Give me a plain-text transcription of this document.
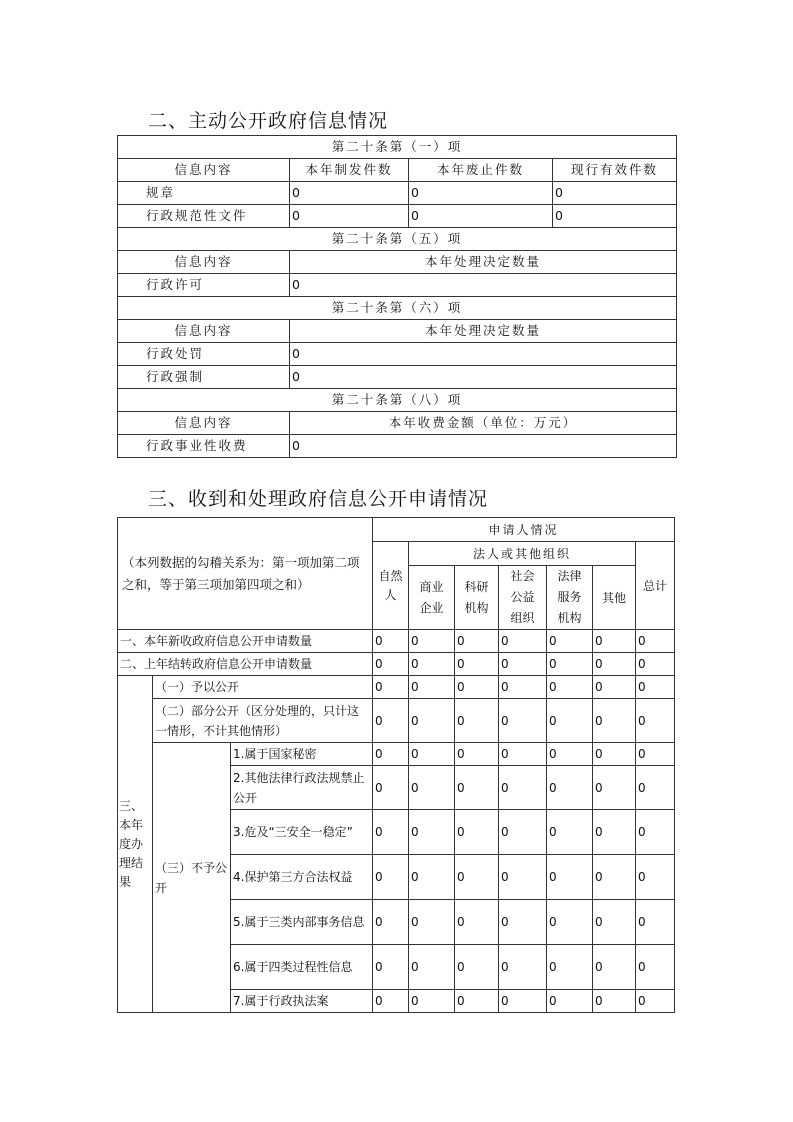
二、主动公开政府信息情况
第二十条第（一）项			
信息内容	本年制发件数	本年废止件数	现行有效件数
规章	0	0	0
行政规范性文件	0	0	0
第二十条第（五）项			
信息内容	本年处理决定数量		
行政许可	0		
第二十条第（六）项			
信息内容	本年处理决定数量		
行政处罚	0		
行政强制	0		
第二十条第（八）项			
信息内容	本年收费金额（单位：万元）		
行政事业性收费	0		
三、收到和处理政府信息公开申请情况
（本列数据的勾稽关系为：第一项加第二项之和，等于第三项加第四项之和）			申请人情况						
			自然人	法人或其他组织					总计
				商业企业	科研机构	社会公益组织	法律服务机构	其他	
一、本年新收政府信息公开申请数量			0	0	0	0	0	0	0
二、上年结转政府信息公开申请数量			0	0	0	0	0	0	0
三、本年度办理结果	（一）予以公开		0	0	0	0	0	0	0
	（二）部分公开（区分处理的，只计这一情形，不计其他情形）		0	0	0	0	0	0	0
	（三）不予公开	1.属于国家秘密	0	0	0	0	0	0	0
		2.其他法律行政法规禁止公开	0	0	0	0	0	0	0
		3.危及“三安全一稳定”	0	0	0	0	0	0	0
		4.保护第三方合法权益	0	0	0	0	0	0	0
		5.属于三类内部事务信息	0	0	0	0	0	0	0
		6.属于四类过程性信息	0	0	0	0	0	0	0
		7.属于行政执法案	0	0	0	0	0	0	0
